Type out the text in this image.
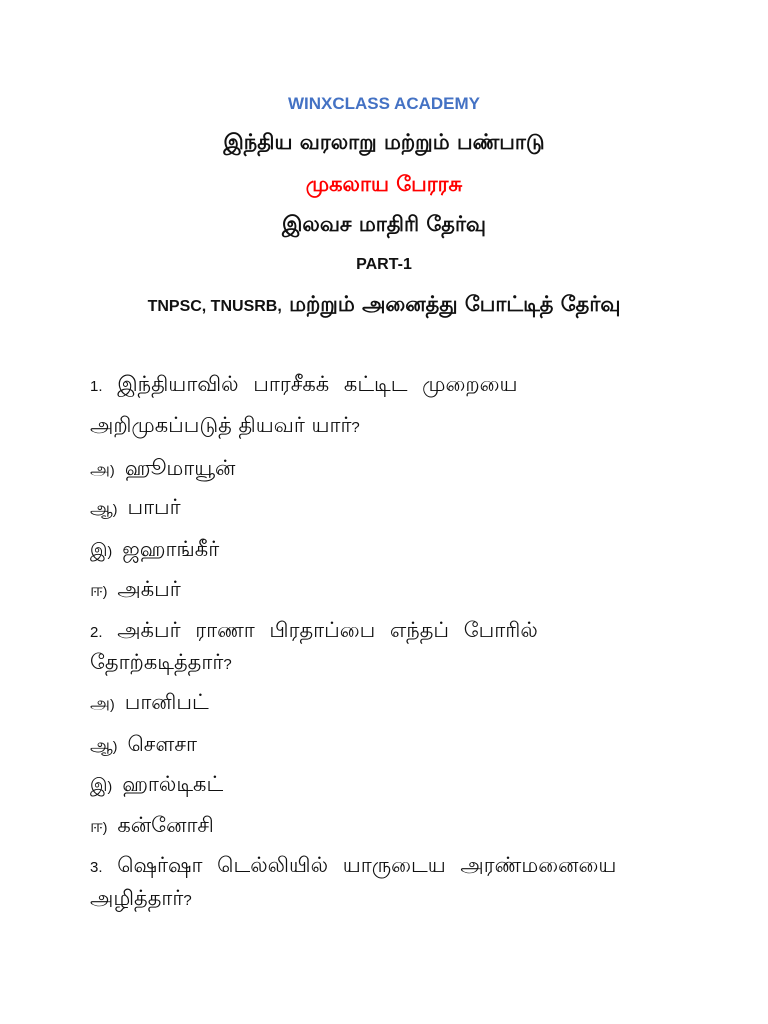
WINXCLASS ACADEMY
இந்திய வரலாறு மற்றும் பண்பாடு
முகலாய பேரரசு
இலவச மாதிரி தேர்வு
PART-1
TNPSC, TNUSRB, மற்றும் அனைத்து போட்டித் தேர்வு
1. இந்தியாவில் பாரசீகக் கட்டிட முறையை
அறிமுகப்படுத் தியவர் யார்?
அ) ஹூமாயூன்
ஆ) பாபர்
இ) ஜஹாங்கீர்
ஈ) அக்பர்
2. அக்பர் ராணா பிரதாப்பை எந்தப் போரில்
தோற்கடித்தார்?
அ) பானிபட்
ஆ) சௌசா
இ) ஹால்டிகட்
ஈ) கன்னோசி
3. ஷெர்ஷா டெல்லியில் யாருடைய அரண்மனையை
அழித்தார்?
